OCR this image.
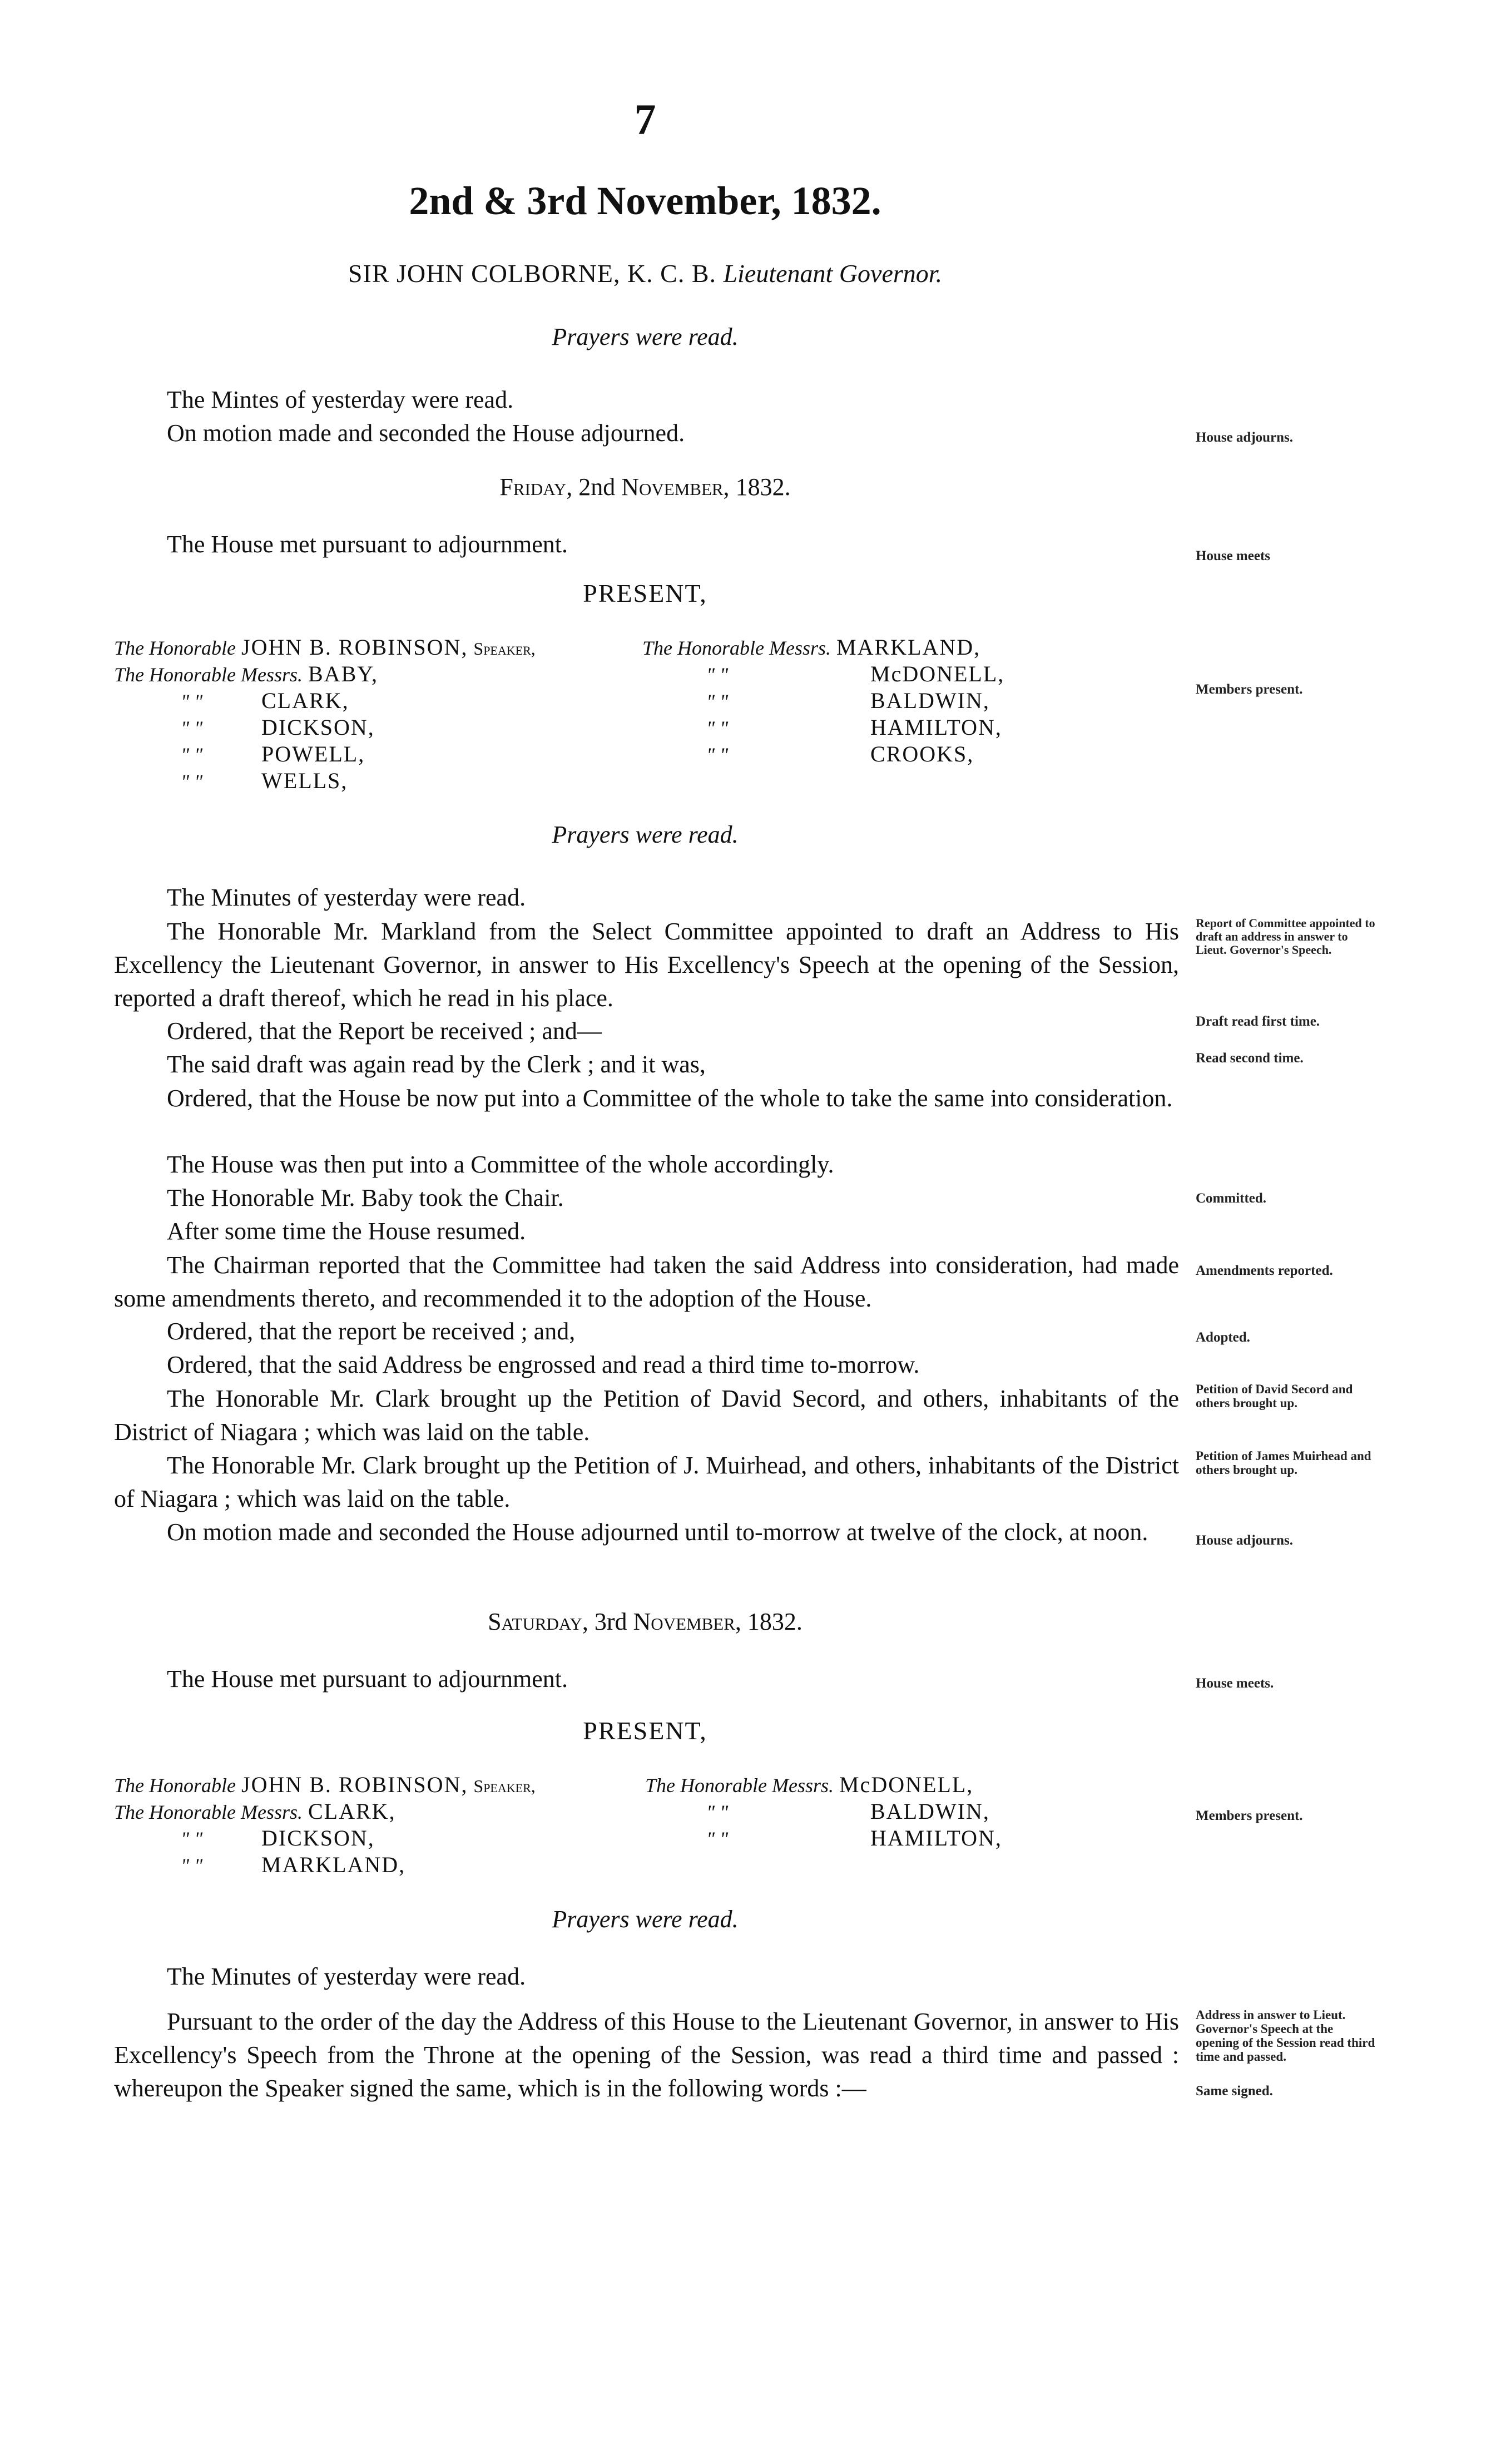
7
2nd & 3rd November, 1832.
SIR JOHN COLBORNE, K. C. B. Lieutenant Governor.
Prayers were read.
The Mintes of yesterday were read.
On motion made and seconded the House adjourned.	House adjourns.
Friday, 2nd November, 1832.
The House met pursuant to adjournment.	House meets
PRESENT,
The Honorable JOHN B. ROBINSON, Speaker,
The Honorable Messrs. BABY,
" "	CLARK,
" "	DICKSON,
" "	POWELL,
" "	WELLS,
The Honorable Messrs. MARKLAND,
" "	McDONELL,
" "	BALDWIN,
" "	HAMILTON,
" "	CROOKS,
Members present.
Prayers were read.
The Minutes of yesterday were read.
The Honorable Mr. Markland from the Select Committee appointed to draft an Address to His Excellency the Lieutenant Governor, in answer to His Excellency's Speech at the opening of the Session, reported a draft thereof, which he read in his place.
Report of Committee appointed to draft an address in answer to Lieut. Governor's Speech.
Ordered, that the Report be received ; and—	Draft read first time.
The said draft was again read by the Clerk ; and it was,	Read second time.
Ordered, that the House be now put into a Committee of the whole to take the same into consideration.
The House was then put into a Committee of the whole accordingly.
The Honorable Mr. Baby took the Chair.	Committed.
After some time the House resumed.
The Chairman reported that the Committee had taken the said Address into consideration, had made some amendments thereto, and recommended it to the adoption of the House.
Amendments reported.
Ordered, that the report be received ; and,	Adopted.
Ordered, that the said Address be engrossed and read a third time to-morrow.
The Honorable Mr. Clark brought up the Petition of David Secord, and others, inhabitants of the District of Niagara ; which was laid on the table.
Petition of David Secord and others brought up.
The Honorable Mr. Clark brought up the Petition of J. Muirhead, and others, inhabitants of the District of Niagara ; which was laid on the table.
Petition of James Muirhead and others brought up.
On motion made and seconded the House adjourned until to-morrow at twelve of the clock, at noon.	House adjourns.
Saturday, 3rd November, 1832.
The House met pursuant to adjournment.	House meets.
PRESENT,
The Honorable JOHN B. ROBINSON, Speaker,
The Honorable Messrs. CLARK,
" "	DICKSON,
" "	MARKLAND,
The Honorable Messrs. McDONELL,
" "	BALDWIN,
" "	HAMILTON,
Members present.
Prayers were read.
The Minutes of yesterday were read.
Pursuant to the order of the day the Address of this House to the Lieutenant Governor, in answer to His Excellency's Speech from the Throne at the opening of the Session, was read a third time and passed : whereupon the Speaker signed the same, which is in the following words :—
Address in answer to Lieut. Governor's Speech at the opening of the Session read third time and passed.
Same signed.
